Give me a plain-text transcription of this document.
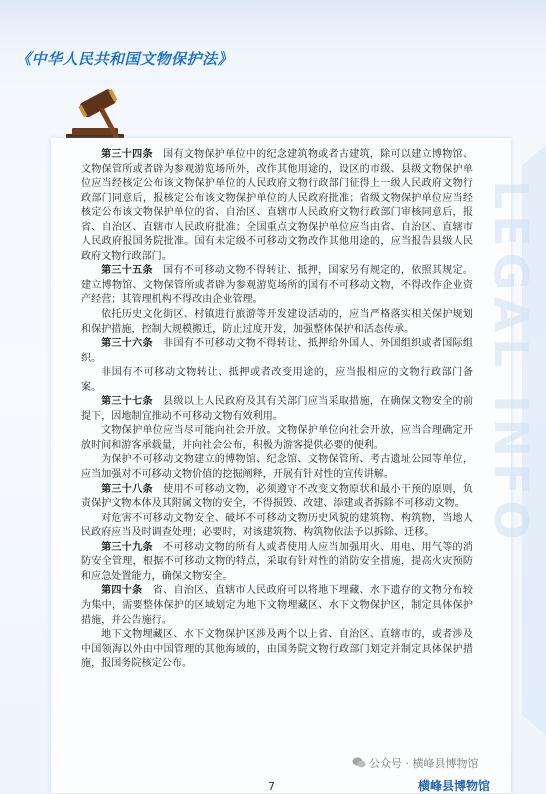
《中华人民共和国文物保护法》
LEGAL INFO

第三十四条　 国有文物保护单位中的纪念建筑物或者古建筑，除可以建立博物馆、文物保管所或者辟为参观游览场所外，改作其他用途的，设区的市级、县级文物保护单位应当经核定公布该文物保护单位的人民政府文物行政部门征得上一级人民政府文物行政部门同意后，报核定公布该文物保护单位的人民政府批准；省级文物保护单位应当经核定公布该文物保护单位的省、自治区、直辖市人民政府文物行政部门审核同意后，报省、自治区、直辖市人民政府批准；全国重点文物保护单位应当由省、自治区、直辖市人民政府报国务院批准。国有未定级不可移动文物改作其他用途的，应当报告县级人民政府文物行政部门。

第三十五条　 国有不可移动文物不得转让、抵押，国家另有规定的，依照其规定。建立博物馆、文物保管所或者辟为参观游览场所的国有不可移动文物，不得改作企业资产经营；其管理机构不得改由企业管理。

依托历史文化街区、村镇进行旅游等开发建设活动的，应当严格落实相关保护规划和保护措施，控制大规模搬迁，防止过度开发，加强整体保护和活态传承。

第三十六条　 非国有不可移动文物不得转让、抵押给外国人、外国组织或者国际组织。

非国有不可移动文物转让、抵押或者改变用途的，应当报相应的文物行政部门备案。

第三十七条　 县级以上人民政府及其有关部门应当采取措施，在确保文物安全的前提下，因地制宜推动不可移动文物有效利用。

文物保护单位应当尽可能向社会开放。文物保护单位向社会开放，应当合理确定开放时间和游客承载量，并向社会公布，积极为游客提供必要的便利。

为保护不可移动文物建立的博物馆、纪念馆、文物保管所、考古遗址公园等单位，应当加强对不可移动文物价值的挖掘阐释，开展有针对性的宣传讲解。

第三十八条　 使用不可移动文物，必须遵守不改变文物原状和最小干预的原则，负责保护文物本体及其附属文物的安全，不得损毁、改建、添建或者拆除不可移动文物。

对危害不可移动文物安全、破坏不可移动文物历史风貌的建筑物、构筑物，当地人民政府应当及时调查处理；必要时，对该建筑物、构筑物依法予以拆除、迁移。

第三十九条　 不可移动文物的所有人或者使用人应当加强用火、用电、用气等的消防安全管理，根据不可移动文物的特点，采取有针对性的消防安全措施，提高火灾预防和应急处置能力，确保文物安全。

第四十条　 省、自治区、直辖市人民政府可以将地下埋藏、水下遗存的文物分布较为集中，需要整体保护的区域划定为地下文物埋藏区、水下文物保护区，制定具体保护措施，并公告施行。

地下文物埋藏区、水下文物保护区涉及两个以上省、自治区、直辖市的，或者涉及中国领海以外由中国管理的其他海域的，由国务院文物行政部门划定并制定具体保护措施，报国务院核定公布。

公众号 · 横峰县博物馆
横峰县博物馆
7
